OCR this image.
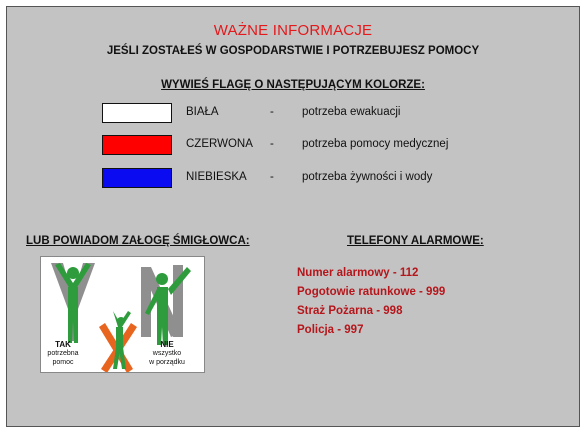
WAŻNE INFORMACJE
JEŚLI ZOSTAŁEŚ W GOSPODARSTWIE I POTRZEBUJESZ POMOCY
WYWIEŚ FLAGĘ O NASTĘPUJĄCYM KOLORZE:
BIAŁA	- potrzeba ewakuacji
CZERWONA - potrzeba pomocy medycznej
NIEBIESKA - potrzeba żywności i wody
LUB POWIADOM ZAŁOGĘ ŚMIGŁOWCA:	TELEFONY ALARMOWE:
TAK
potrzebna
pomoc
NIE
wszystko
w porządku
Numer alarmowy - 112
Pogotowie ratunkowe - 999
Straż Pożarna - 998
Policja - 997
